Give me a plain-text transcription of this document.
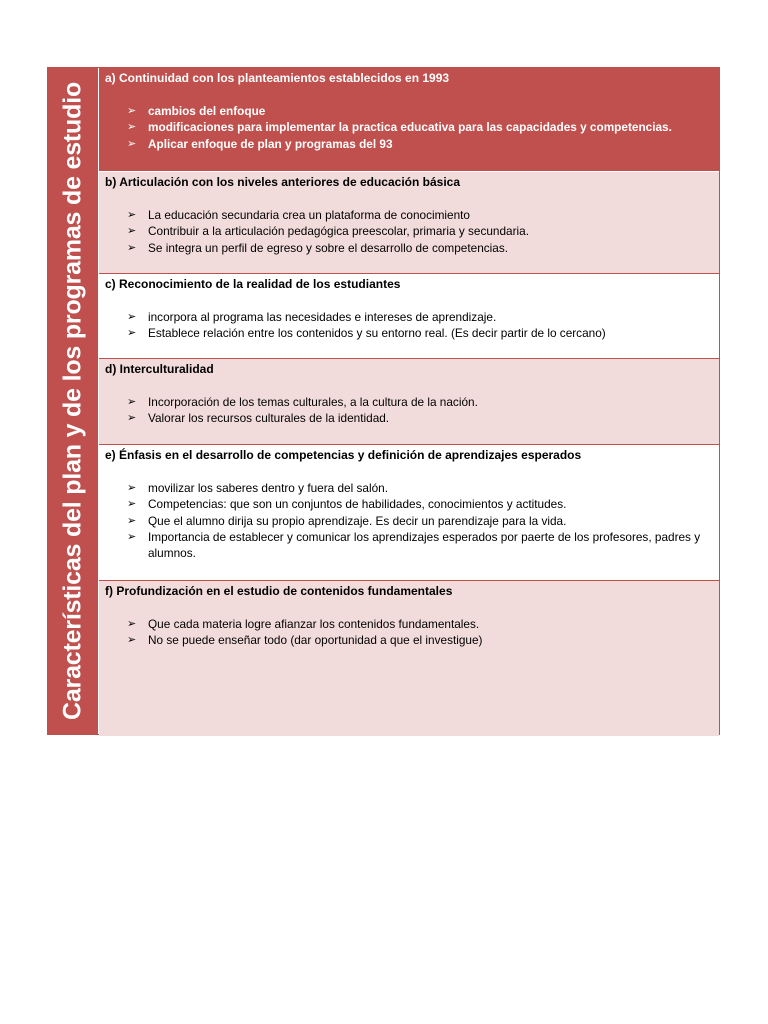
Características del plan y de los programas de estudio

a) Continuidad con los planteamientos establecidos en 1993

➢ cambios del enfoque
➢ modificaciones para implementar la practica educativa para las capacidades y competencias.
➢ Aplicar enfoque de plan y programas del 93

b) Articulación con los niveles anteriores de educación básica

➢ La educación secundaria crea un plataforma de conocimiento
➢ Contribuir a la articulación pedagógica preescolar, primaria y secundaria.
➢ Se integra un perfil de egreso y sobre el desarrollo de competencias.

c) Reconocimiento de la realidad de los estudiantes

➢ incorpora al programa las necesidades e intereses de aprendizaje.
➢ Establece relación entre los contenidos y su entorno real. (Es decir partir de lo cercano)

d) Interculturalidad

➢ Incorporación de los temas culturales, a la cultura de la nación.
➢ Valorar los recursos culturales de la identidad.

e) Énfasis en el desarrollo de competencias y definición de aprendizajes esperados

➢ movilizar los saberes dentro y fuera del salón.
➢ Competencias: que son un conjuntos de habilidades, conocimientos y actitudes.
➢ Que el alumno dirija su propio aprendizaje. Es decir un parendizaje para la vida.
➢ Importancia de establecer y comunicar los aprendizajes esperados por paerte de los profesores, padres y alumnos.

f) Profundización en el estudio de contenidos fundamentales

➢ Que cada materia logre afianzar los contenidos fundamentales.
➢ No se puede enseñar todo (dar oportunidad a que el investigue)
